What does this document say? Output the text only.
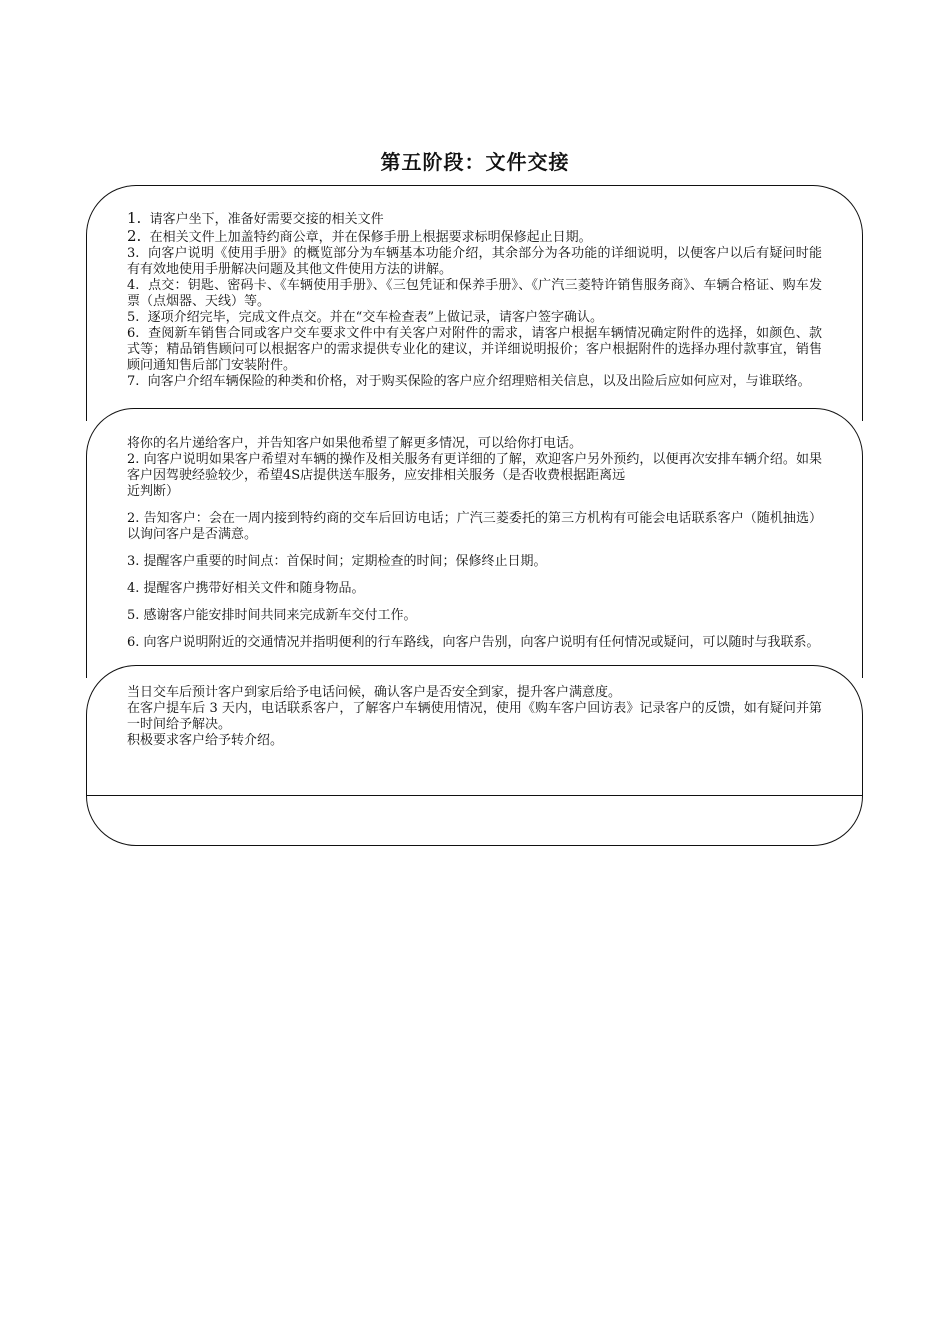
第五阶段：文件交接

1. 请客户坐下，准备好需要交接的相关文件

2. 在相关文件上加盖特约商公章，并在保修手册上根据要求标明保修起止日期。

3. 向客户说明《使用手册》的概览部分为车辆基本功能介绍，其余部分为各功能的详细说明，以便客户以后有疑问时能有有效地使用手册解决问题及其他文件使用方法的讲解。

4. 点交：钥匙、密码卡、《车辆使用手册》、《三包凭证和保养手册》、《广汽三菱特许销售服务商》、车辆合格证、购车发票（点烟器、天线）等。

5. 逐项介绍完毕，完成文件点交。并在“交车检查表”上做记录，请客户签字确认。

6. 查阅新车销售合同或客户交车要求文件中有关客户对附件的需求，请客户根据车辆情况确定附件的选择，如颜色、款式等；精品销售顾问可以根据客户的需求提供专业化的建议，并详细说明报价；客户根据附件的选择办理付款事宜，销售顾问通知售后部门安装附件。

7. 向客户介绍车辆保险的种类和价格，对于购买保险的客户应介绍理赔相关信息，以及出险后应如何应对，与谁联络。

将你的名片递给客户，并告知客户如果他希望了解更多情况，可以给你打电话。

2. 向客户说明如果客户希望对车辆的操作及相关服务有更详细的了解，欢迎客户另外预约，以便再次安排车辆介绍。如果客户因驾驶经验较少，希望4S店提供送车服务，应安排相关服务（是否收费根据距离远

近判断）

2. 告知客户：会在一周内接到特约商的交车后回访电话；广汽三菱委托的第三方机构有可能会电话联系客户（随机抽选）以询问客户是否满意。

3. 提醒客户重要的时间点：首保时间；定期检查的时间；保修终止日期。

4. 提醒客户携带好相关文件和随身物品。

5. 感谢客户能安排时间共同来完成新车交付工作。

6. 向客户说明附近的交通情况并指明便利的行车路线，向客户告别，向客户说明有任何情况或疑问，可以随时与我联系。

当日交车后预计客户到家后给予电话问候，确认客户是否安全到家，提升客户满意度。

在客户提车后 3 天内，电话联系客户，了解客户车辆使用情况，使用《购车客户回访表》记录客户的反馈，如有疑问并第一时间给予解决。

积极要求客户给予转介绍。
